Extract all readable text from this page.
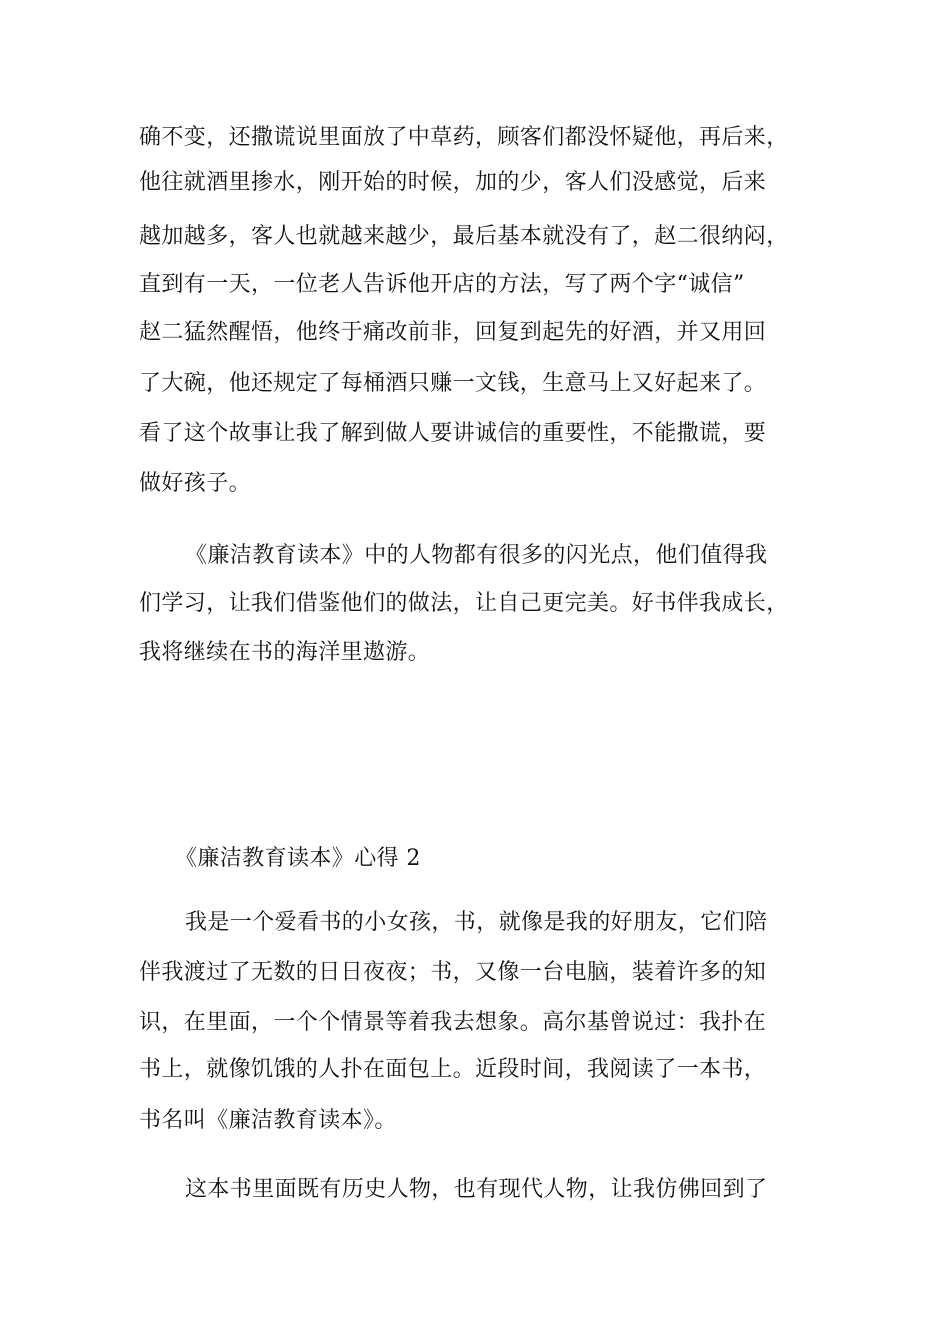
确不变，还撒谎说里面放了中草药，顾客们都没怀疑他，再后来，
他往就酒里掺水，刚开始的时候，加的少，客人们没感觉，后来
越加越多，客人也就越来越少，最后基本就没有了，赵二很纳闷，
直到有一天，一位老人告诉他开店的方法，写了两个字“诚信”
赵二猛然醒悟，他终于痛改前非，回复到起先的好酒，并又用回
了大碗，他还规定了每桶酒只赚一文钱，生意马上又好起来了。
看了这个故事让我了解到做人要讲诚信的重要性，不能撒谎，要
做好孩子。
《廉洁教育读本》中的人物都有很多的闪光点，他们值得我
们学习，让我们借鉴他们的做法，让自己更完美。好书伴我成长，
我将继续在书的海洋里遨游。
《廉洁教育读本》心得 2
我是一个爱看书的小女孩，书，就像是我的好朋友，它们陪
伴我渡过了无数的日日夜夜；书，又像一台电脑，装着许多的知
识，在里面，一个个情景等着我去想象。高尔基曾说过：我扑在
书上，就像饥饿的人扑在面包上。近段时间，我阅读了一本书，
书名叫《廉洁教育读本》。
这本书里面既有历史人物，也有现代人物，让我仿佛回到了
